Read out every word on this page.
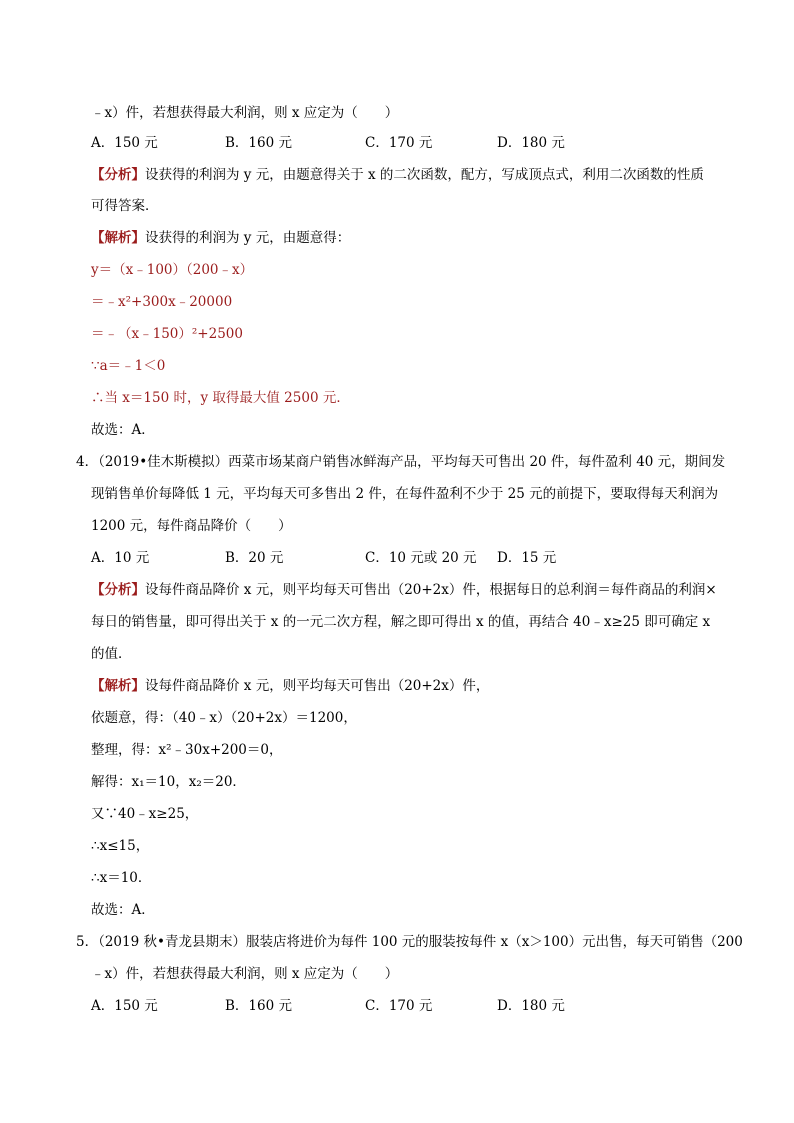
﹣x）件，若想获得最大利润，则 x 应定为（　　）
A．150 元	B．160 元	C．170 元	D．180 元
【分析】设获得的利润为 y 元，由题意得关于 x 的二次函数，配方，写成顶点式，利用二次函数的性质
可得答案．
【解析】设获得的利润为 y 元，由题意得：
y＝（x﹣100）（200﹣x）
＝﹣x²+300x﹣20000
＝﹣（x﹣150）²+2500
∵a＝﹣1＜0
∴当 x＝150 时，y 取得最大值 2500 元．
故选：A．
4．（2019•佳木斯模拟）西菜市场某商户销售冰鲜海产品，平均每天可售出 20 件，每件盈利 40 元，期间发
现销售单价每降低 1 元，平均每天可多售出 2 件，在每件盈利不少于 25 元的前提下，要取得每天利润为
1200 元，每件商品降价（　　）
A．10 元	B．20 元	C．10 元或 20 元 D．15 元
【分析】设每件商品降价 x 元，则平均每天可售出（20+2x）件，根据每日的总利润＝每件商品的利润×
每日的销售量，即可得出关于 x 的一元二次方程，解之即可得出 x 的值，再结合 40﹣x≥25 即可确定 x
的值．
【解析】设每件商品降价 x 元，则平均每天可售出（20+2x）件，
依题意，得：（40﹣x）（20+2x）＝1200，
整理，得：x²﹣30x+200＝0，
解得：x₁＝10，x₂＝20．
又∵40﹣x≥25，
∴x≤15，
∴x＝10．
故选：A．
5．（2019 秋•青龙县期末）服装店将进价为每件 100 元的服装按每件 x（x＞100）元出售，每天可销售（200
﹣x）件，若想获得最大利润，则 x 应定为（　　）
A．150 元	B．160 元	C．170 元	D．180 元
